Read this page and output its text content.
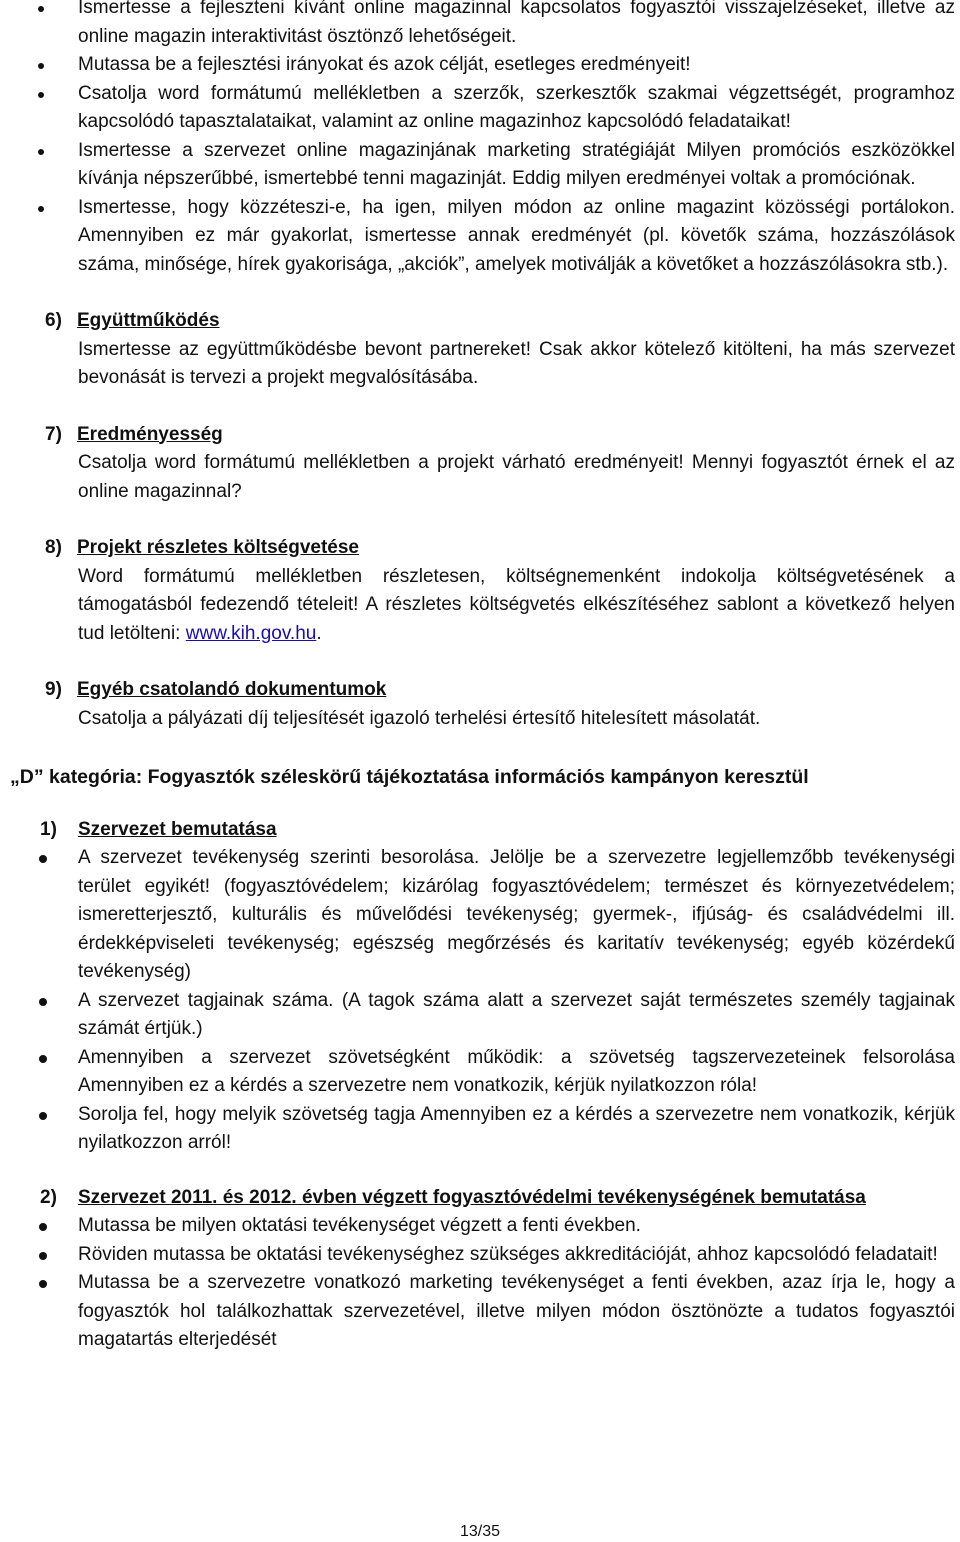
Ismertesse a fejleszteni kívánt online magazinnal kapcsolatos fogyasztói visszajelzéseket, illetve az online magazin interaktivitást ösztönző lehetőségeit.
Mutassa be a fejlesztési irányokat és azok célját, esetleges eredményeit!
Csatolja word formátumú mellékletben a szerzők, szerkesztők szakmai végzettségét, programhoz kapcsolódó tapasztalataikat, valamint az online magazinhoz kapcsolódó feladataikat!
Ismertesse a szervezet online magazinjának marketing stratégiáját Milyen promóciós eszközökkel kívánja népszerűbbé, ismertebbé tenni magazinját. Eddig milyen eredményei voltak a promóciónak.
Ismertesse, hogy közzéteszi-e, ha igen, milyen módon az online magazint közösségi portálokon. Amennyiben ez már gyakorlat, ismertesse annak eredményét (pl. követők száma, hozzászólások száma, minősége, hírek gyakorisága, „akciók”, amelyek motiválják a követőket a hozzászólásokra stb.).
6) Együttműködés
Ismertesse az együttműködésbe bevont partnereket! Csak akkor kötelező kitölteni, ha más szervezet bevonását is tervezi a projekt megvalósításába.
7) Eredményesség
Csatolja word formátumú mellékletben a projekt várható eredményeit! Mennyi fogyasztót érnek el az online magazinnal?
8) Projekt részletes költségvetése
Word formátumú mellékletben részletesen, költségnemenként indokolja költségvetésének a támogatásból fedezendő tételeit! A részletes költségvetés elkészítéséhez sablont a következő helyen tud letölteni: www.kih.gov.hu.
9) Egyéb csatolandó dokumentumok
Csatolja a pályázati díj teljesítését igazoló terhelési értesítő hitelesített másolatát.
„D” kategória: Fogyasztók széleskörű tájékoztatása információs kampányon keresztül
1) Szervezet bemutatása
A szervezet tevékenység szerinti besorolása. Jelölje be a szervezetre legjellemzőbb tevékenységi terület egyikét! (fogyasztóvédelem; kizárólag fogyasztóvédelem; természet és környezetvédelem; ismeretterjesztő, kulturális és művelődési tevékenység; gyermek-, ifjúság- és családvédelmi ill. érdekképviseleti tevékenység; egészség megőrzésés és karitatív tevékenység; egyéb közérdekű tevékenység)
A szervezet tagjainak száma. (A tagok száma alatt a szervezet saját természetes személy tagjainak számát értjük.)
Amennyiben a szervezet szövetségként működik: a szövetség tagszervezeteinek felsorolása Amennyiben ez a kérdés a szervezetre nem vonatkozik, kérjük nyilatkozzon róla!
Sorolja fel, hogy melyik szövetség tagja Amennyiben ez a kérdés a szervezetre nem vonatkozik, kérjük nyilatkozzon arról!
2) Szervezet 2011. és 2012. évben végzett fogyasztóvédelmi tevékenységének bemutatása
Mutassa be milyen oktatási tevékenységet végzett a fenti években.
Röviden mutassa be oktatási tevékenységhez szükséges akkreditációját, ahhoz kapcsolódó feladatait!
Mutassa be a szervezetre vonatkozó marketing tevékenységet a fenti években, azaz írja le, hogy a fogyasztók hol találkozhattak szervezetével, illetve milyen módon ösztönözte a tudatos fogyasztói magatartás elterjedését
13/35
